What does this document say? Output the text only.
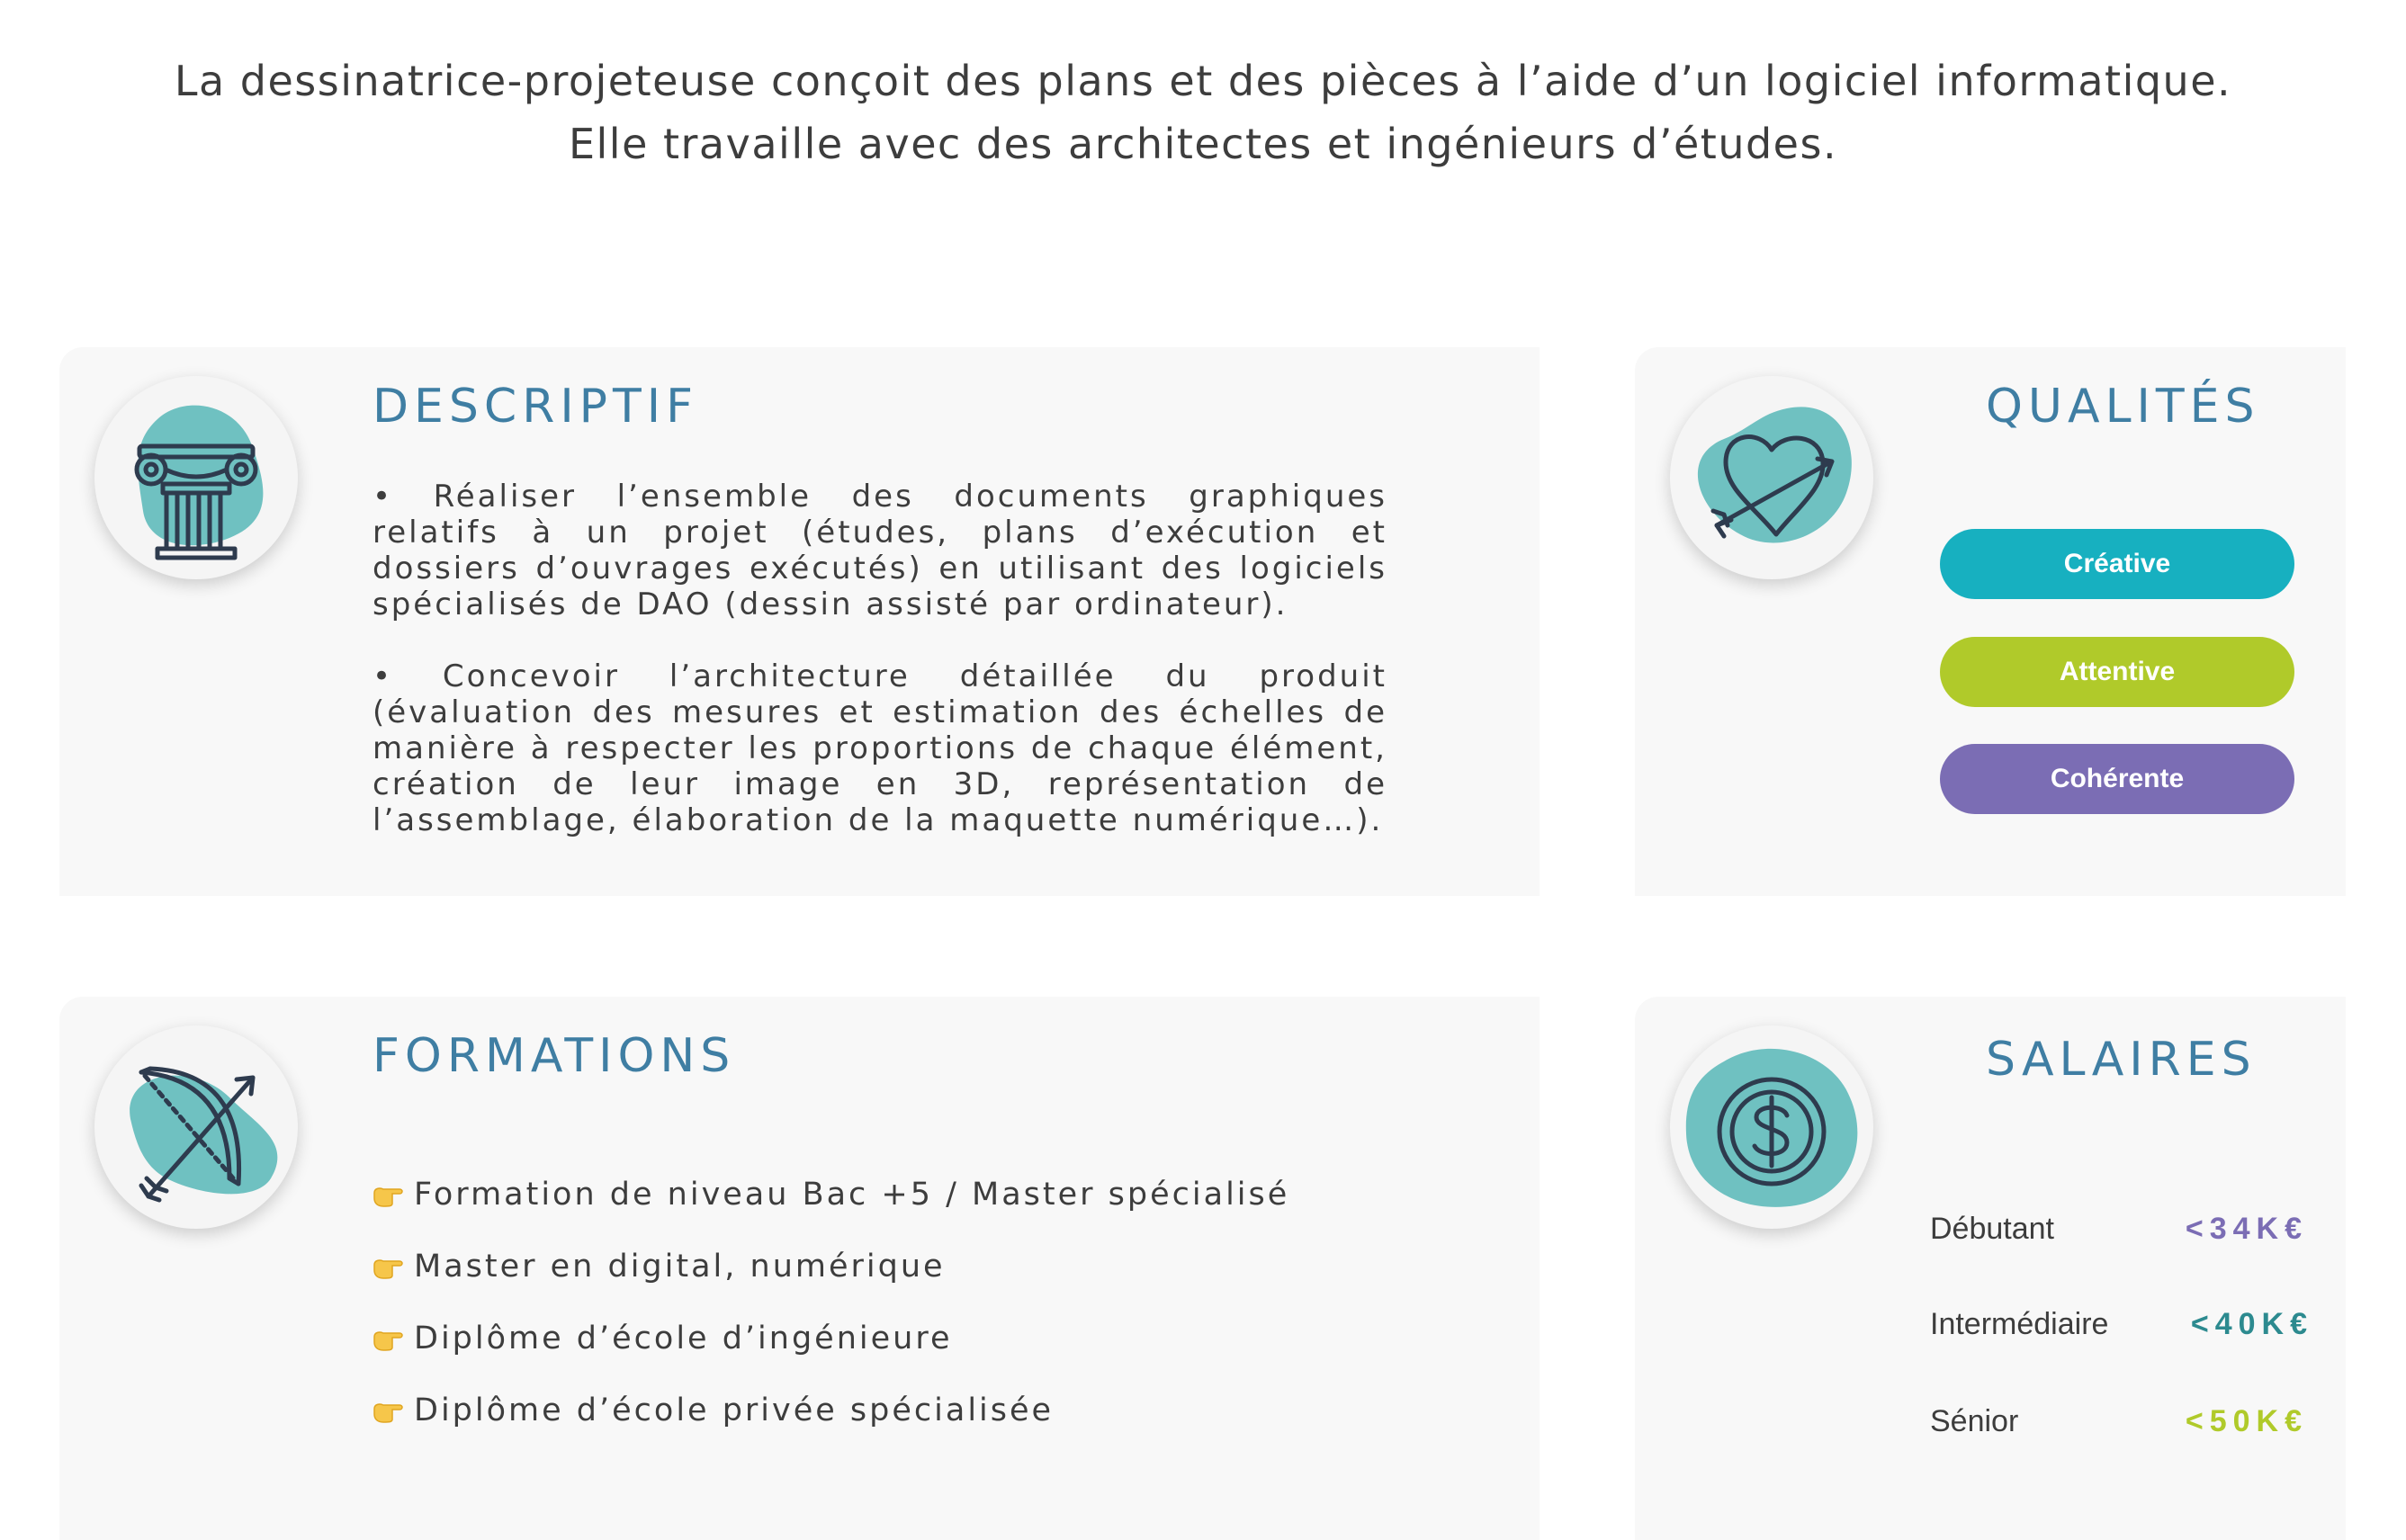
La dessinatrice-projeteuse conçoit des plans et des pièces à l’aide d’un logiciel informatique.
Elle travaille avec des architectes et ingénieurs d’études.
DESCRIPTIF
• Réaliser l’ensemble des documents graphiques relatifs à un projet (études, plans d’exécution et dossiers d’ouvrages exécutés) en utilisant des logiciels spécialisés de DAO (dessin assisté par ordinateur).
• Concevoir l’architecture détaillée du produit (évaluation des mesures et estimation des échelles de manière à respecter les proportions de chaque élément, création de leur image en 3D, représentation de l’assemblage, élaboration de la maquette numérique…).
QUALITÉS
Créative
Attentive
Cohérente
FORMATIONS
Formation de niveau Bac +5 / Master spécialisé
Master en digital, numérique
Diplôme d’école d’ingénieure
Diplôme d’école privée spécialisée
SALAIRES
Débutant	<34K€
Intermédiaire	<40K€
Sénior	<50K€
